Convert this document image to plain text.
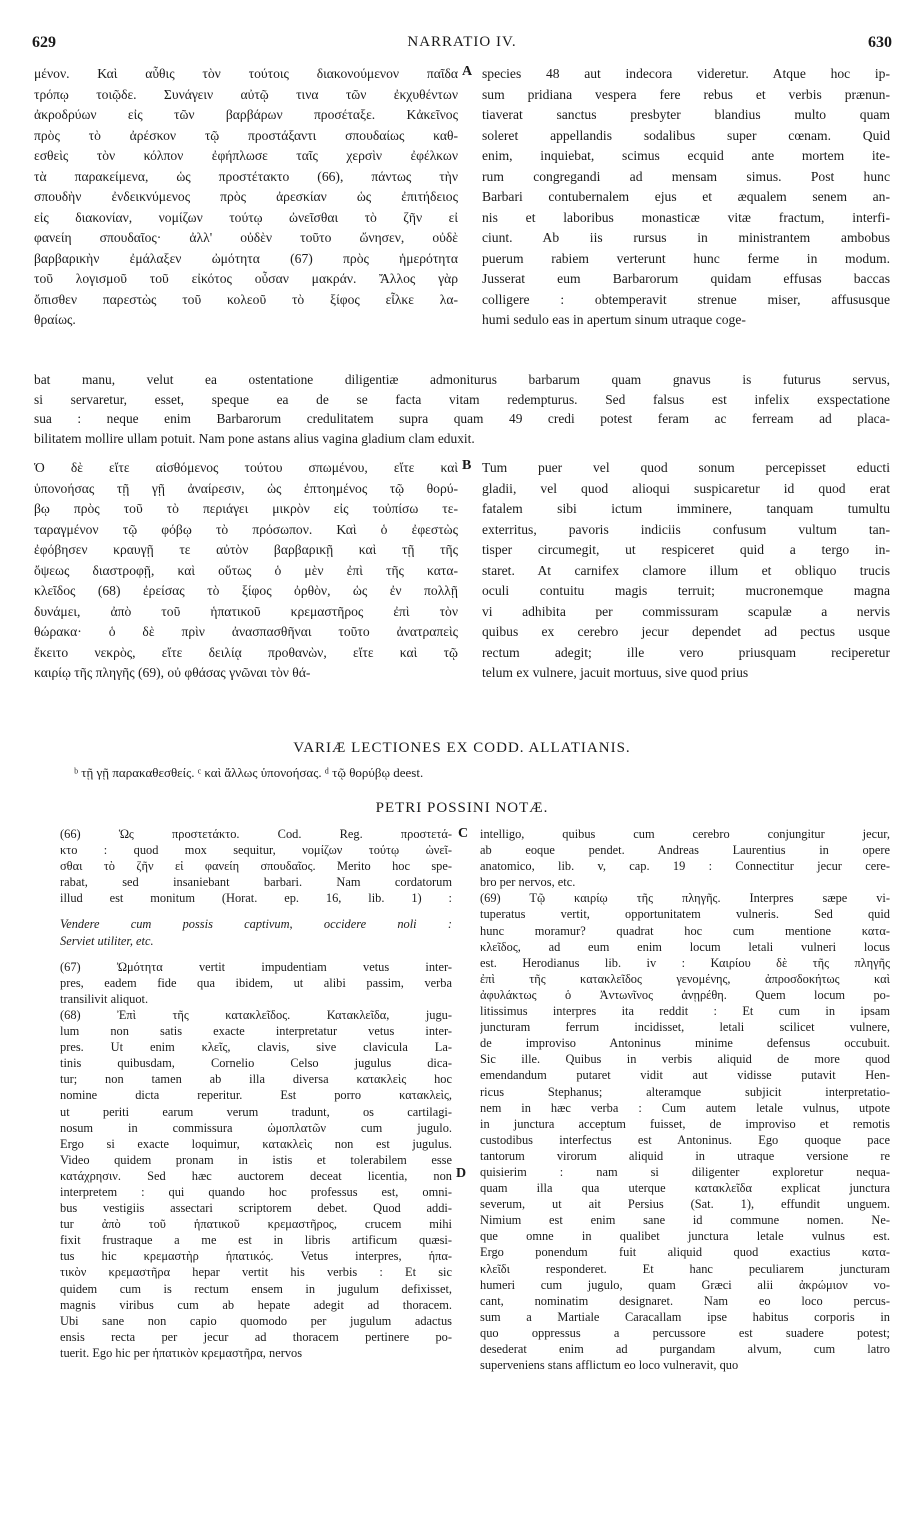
629	NARRATIO IV.	630
μένον. Καὶ αὖθις τὸν τούτοις διακονούμενον παῖδα
τρόπῳ τοιῷδε. Συνάγειν αὐτῷ τινα τῶν ἐκχυθέντων
ἀκροδρύων εἰς τῶν βαρβάρων προσέταξε. Κἀκεῖνος
πρὸς τὸ ἀρέσκον τῷ προστάξαντι σπουδαίως καθ-
εσθεὶς τὸν κόλπον ἐφήπλωσε ταῖς χερσὶν ἐφέλκων
τὰ παρακείμενα, ὡς προστέτακτο (66), πάντως τὴν
σπουδὴν ἐνδεικνύμενος πρὸς ἀρεσκίαν ὡς ἐπιτήδειος
εἰς διακονίαν, νομίζων τούτῳ ὠνεῖσθαι τὸ ζῆν εἰ
φανείη σπουδαῖος· ἀλλ' οὐδὲν τοῦτο ὤνησεν, οὐδὲ
βαρβαρικὴν ἐμάλαξεν ὠμότητα (67) πρὸς ἡμερότητα
τοῦ λογισμοῦ τοῦ εἰκότος οὖσαν μακράν. Ἄλλος γὰρ
ὄπισθεν παρεστὼς τοῦ κολεοῦ τὸ ξίφος εἷλκε λα-
θραίως.
A species 48 aut indecora videretur. Atque hoc ip-
sum pridiana vespera fere rebus et verbis prænun-
tiaverat sanctus presbyter blandius multo quam
soleret appellandis sodalibus super cœnam. Quid
enim, inquiebat, scimus ecquid ante mortem ite-
rum congregandi ad mensam simus. Post hunc
Barbari contubernalem ejus et æqualem senem an-
nis et laboribus monasticæ vitæ fractum, interfi-
ciunt. Ab iis rursus in ministrantem ambobus
puerum rabiem verterunt hunc ferme in modum.
Jusserat eum Barbarorum quidam effusas baccas
colligere : obtemperavit strenue miser, affususque
humi sedulo eas in apertum sinum utraque coge-
bat manu, velut ea ostentatione diligentiæ admoniturus barbarum quam gnavus is futurus servus,
si servaretur, esset, speque ea de se facta vitam redempturus. Sed falsus est infelix exspectatione
sua : neque enim Barbarorum credulitatem supra quam 49 credi potest feram ac ferream ad placa-
bilitatem mollire ullam potuit. Nam pone astans alius vagina gladium clam eduxit.
Ὁ δὲ εἴτε αἰσθόμενος τούτου σπωμένου, εἴτε καὶ
ὑπονοήσας τῇ γῇ ἀναίρεσιν, ὡς ἐπτοημένος τῷ θορύ-
βῳ πρὸς τοῦ τὸ περιάγει μικρὸν εἰς τοὐπίσω τε-
ταραγμένον τῷ φόβῳ τὸ πρόσωπον. Καὶ ὁ ἐφεστὼς
ἐφόβησεν κραυγῇ τε αὐτὸν βαρβαρικῇ καὶ τῇ τῆς
ὄψεως διαστροφῇ, καὶ οὕτως ὁ μὲν ἐπὶ τῆς κατα-
κλεῖδος (68) ἐρείσας τὸ ξίφος ὀρθὸν, ὡς ἐν πολλῇ
δυνάμει, ἀπὸ τοῦ ἡπατικοῦ κρεμαστῆρος ἐπὶ τὸν
θώρακα· ὁ δὲ πρὶν ἀνασπασθῆναι τοῦτο ἀνατραπεὶς
ἔκειτο νεκρὸς, εἴτε δειλίᾳ προθανὼν, εἴτε καὶ τῷ
καιρίῳ τῆς πληγῆς (69), οὐ φθάσας γνῶναι τὸν θά-
B Tum puer vel quod sonum percepisset educti
gladii, vel quod alioqui suspicaretur id quod erat
fatalem sibi ictum imminere, tanquam tumultu
exterritus, pavoris indiciis confusum vultum tan-
tisper circumegit, ut respiceret quid a tergo in-
staret. At carnifex clamore illum et obliquo trucis
oculi contuitu magis terruit; mucronemque magna
vi adhibita per commissuram scapulæ a nervis
quibus ex cerebro jecur dependet ad pectus usque
rectum adegit; ille vero priusquam reciperetur
telum ex vulnere, jacuit mortuus, sive quod prius
VARIÆ LECTIONES EX CODD. ALLATIANIS.
ᵇ τῇ γῇ παρακαθεσθείς. ᶜ καὶ ἄλλως ὑπονοήσας. ᵈ τῷ θορύβῳ deest.
PETRI POSSINI NOTÆ.
(66) Ὡς προστετάκτο. Cod. Reg. προστετά-
κτο : quod mox sequitur, νομίζων τούτῳ ὠνεῖ-
σθαι τὸ ζῆν εἰ φανείη σπουδαῖος. Merito hoc spe-
rabat, sed insaniebant barbari. Nam cordatorum
illud est monitum (Horat. ep. 16, lib. 1) :
Vendere cum possis captivum, occidere noli :
Serviet utiliter, etc.
(67) Ὠμότητα vertit impudentiam vetus inter-
pres, eadem fide qua ibidem, ut alibi passim, verba
transilivit aliquot.
(68) Ἐπὶ τῆς κατακλεῖδος. Κατακλεῖδα, jugu-
lum non satis exacte interpretatur vetus inter-
pres. Ut enim κλεῖς, clavis, sive clavicula La-
tinis quibusdam, Cornelio Celso jugulus dica-
tur; non tamen ab illa diversa κατακλεὶς hoc
nomine dicta reperitur. Est porro κατακλεὶς,
ut periti earum verum tradunt, os cartilagi-
nosum in commissura ὠμοπλατῶν cum jugulo.
Ergo si exacte loquimur, κατακλεὶς non est jugulus.
Video quidem pronam in istis et tolerabilem esse
κατάχρησιν. Sed hæc auctorem deceat licentia, non
interpretem : qui quando hoc professus est, omni-
bus vestigiis assectari scriptorem debet. Quod addi-
tur ἀπὸ τοῦ ἡπατικοῦ κρεμαστῆρος, crucem mihi
fixit frustraque a me est in libris artificum quæsi-
tus hic κρεμαστὴρ ἡπατικός. Vetus interpres, ἡπα-
τικὸν κρεμαστῆρα hepar vertit his verbis : Et sic
quidem cum is rectum ensem in jugulum defixisset,
magnis viribus cum ab hepate adegit ad thoracem.
Ubi sane non capio quomodo per jugulum adactus
ensis recta per jecur ad thoracem pertinere po-
tuerit. Ego hic per ἡπατικὸν κρεμαστῆρα, nervos
C
D
intelligo, quibus cum cerebro conjungitur jecur,
ab eoque pendet. Andreas Laurentius in opere
anatomico, lib. v, cap. 19 : Connectitur jecur cere-
bro per nervos, etc.
(69) Τῷ καιρίῳ τῆς πληγῆς. Interpres sæpe vi-
tuperatus vertit, opportunitatem vulneris. Sed quid
hunc moramur? quadrat hoc cum mentione κατα-
κλεῖδος, ad eum enim locum letali vulneri locus
est. Herodianus lib. iv : Καιρίου δὲ τῆς πληγῆς
ἐπὶ τῆς κατακλεῖδος γενομένης, ἀπροσδοκήτως καὶ
ἀφυλάκτως ὁ Ἀντωνῖνος ἀνῃρέθη. Quem locum po-
litissimus interpres ita reddit : Et cum in ipsam
juncturam ferrum incidisset, letali scilicet vulnere,
de improviso Antoninus minime defensus occubuit.
Sic ille. Quibus in verbis aliquid de more quod
emendandum putaret vidit aut vidisse putavit Hen-
ricus Stephanus; alteramque subjicit interpretatio-
nem in hæc verba : Cum autem letale vulnus, utpote
in junctura acceptum fuisset, de improviso et remotis
custodibus interfectus est Antoninus. Ego quoque pace
tantorum virorum aliquid in utraque versione re
quisierim : nam si diligenter exploretur nequa-
quam illa qua uterque κατακλεῖδα explicat junctura
severum, ut ait Persius (Sat. 1), effundit unguem.
Nimium est enim sane id commune nomen. Ne-
que omne in qualibet junctura letale vulnus est.
Ergo ponendum fuit aliquid quod exactius κατα-
κλεῖδι responderet. Et hanc peculiarem juncturam
humeri cum jugulo, quam Græci alii ἀκρώμιον vo-
cant, nominatim designaret. Nam eo loco percus-
sum a Martiale Caracallam ipse habitus corporis in
quo oppressus a percussore est suadere potest;
desederat enim ad purgandam alvum, cum latro
superveniens stans afflictum eo loco vulneravit, quo
